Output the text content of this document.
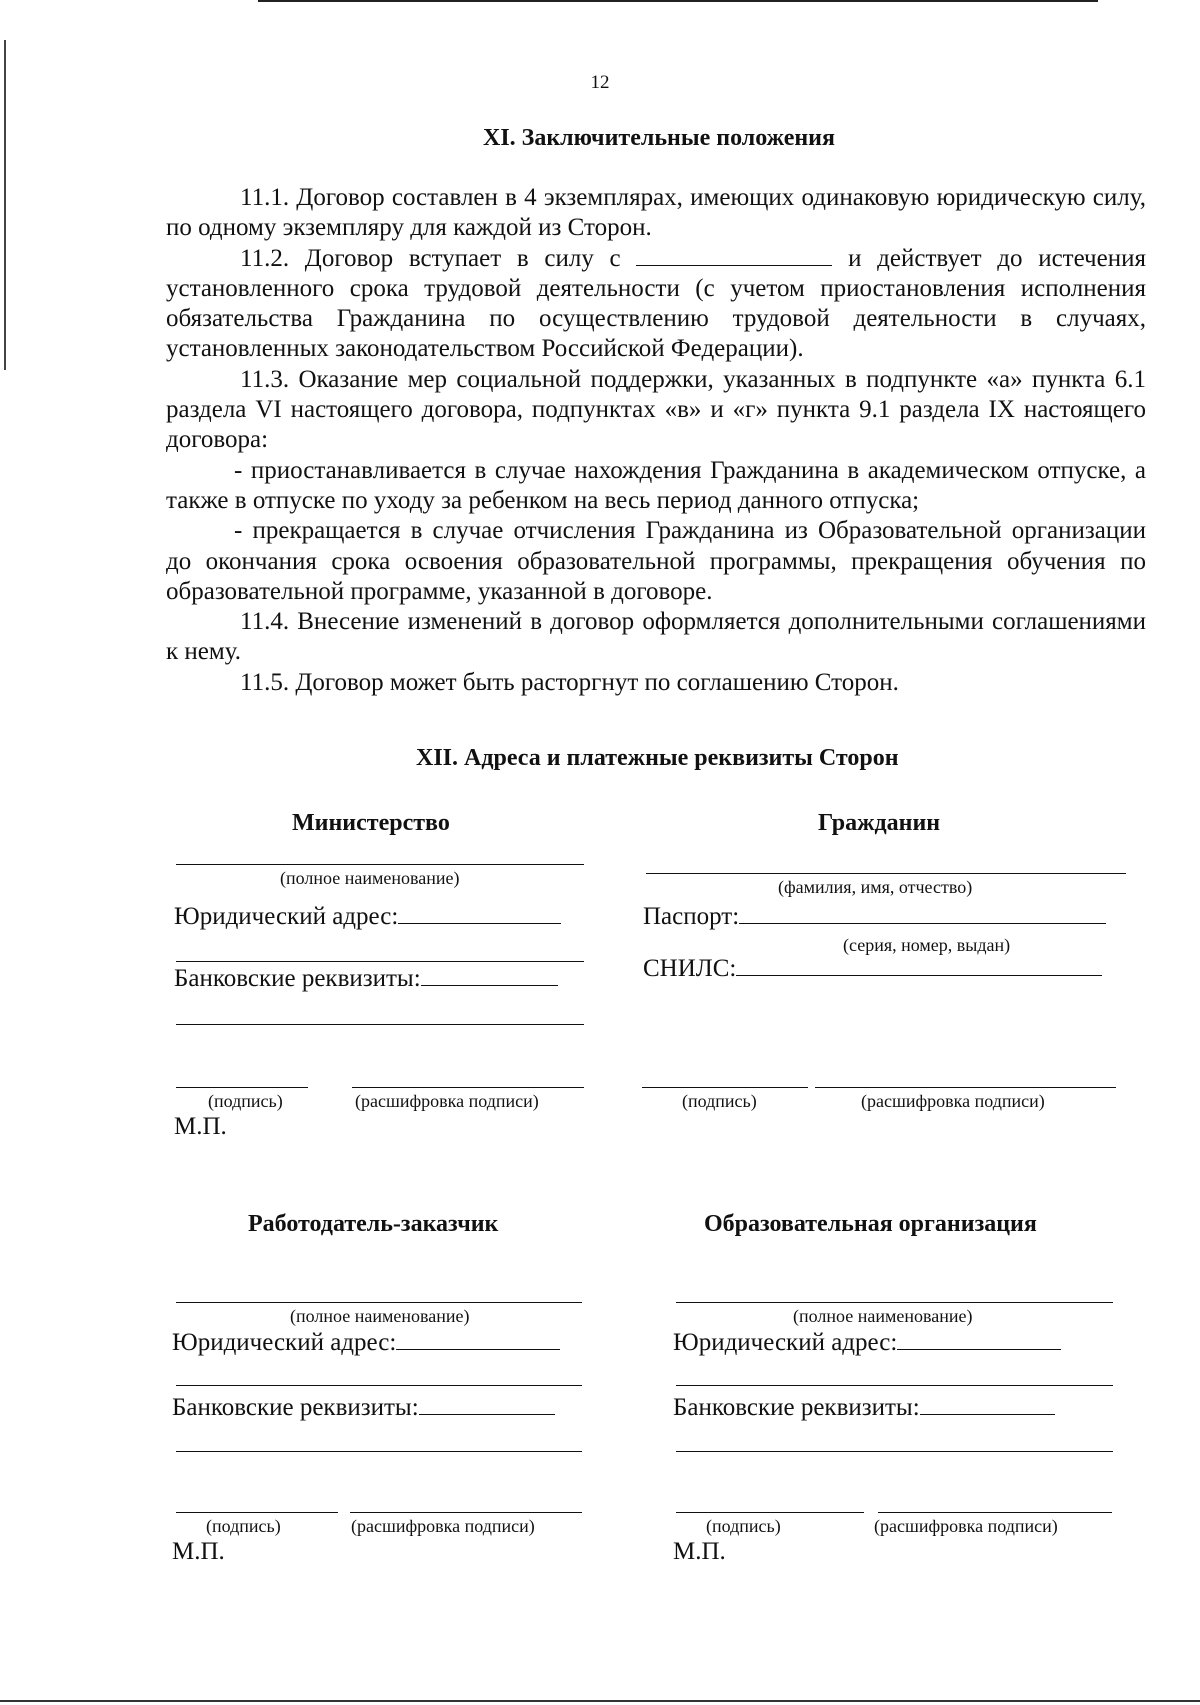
12
XI. Заключительные положения

11.1. Договор составлен в 4 экземплярах, имеющих одинаковую юридическую силу, по одному экземпляру для каждой из Сторон.

11.2. Договор вступает в силу с	и действует до истечения установленного срока трудовой деятельности (с учетом приостановления исполнения обязательства Гражданина по осуществлению трудовой деятельности в случаях, установленных законодательством Российской Федерации).

11.3. Оказание мер социальной поддержки, указанных в подпункте «а» пункта 6.1 раздела VI настоящего договора, подпунктах «в» и «г» пункта 9.1 раздела IX настоящего договора:

- приостанавливается в случае нахождения Гражданина в академическом отпуске, а также в отпуске по уходу за ребенком на весь период данного отпуска;

- прекращается в случае отчисления Гражданина из Образовательной организации до окончания срока освоения образовательной программы, прекращения обучения по образовательной программе, указанной в договоре.

11.4. Внесение изменений в договор оформляется дополнительными соглашениями к нему.

11.5. Договор может быть расторгнут по соглашению Сторон.

XII. Адреса и платежные реквизиты Сторон
Министерство
(полное наименование)
Юридический адрес:
Банковские реквизиты:
(подпись)	(расшифровка подписи)
М.П.
Гражданин
(фамилия, имя, отчество)
Паспорт:
(серия, номер, выдан)
СНИЛС:
(подпись)	(расшифровка подписи)
Работодатель-заказчик
(полное наименование)
Юридический адрес:
Банковские реквизиты:
(подпись)	(расшифровка подписи)
М.П.
Образовательная организация
(полное наименование)
Юридический адрес:
Банковские реквизиты:
(подпись)	(расшифровка подписи)
М.П.
